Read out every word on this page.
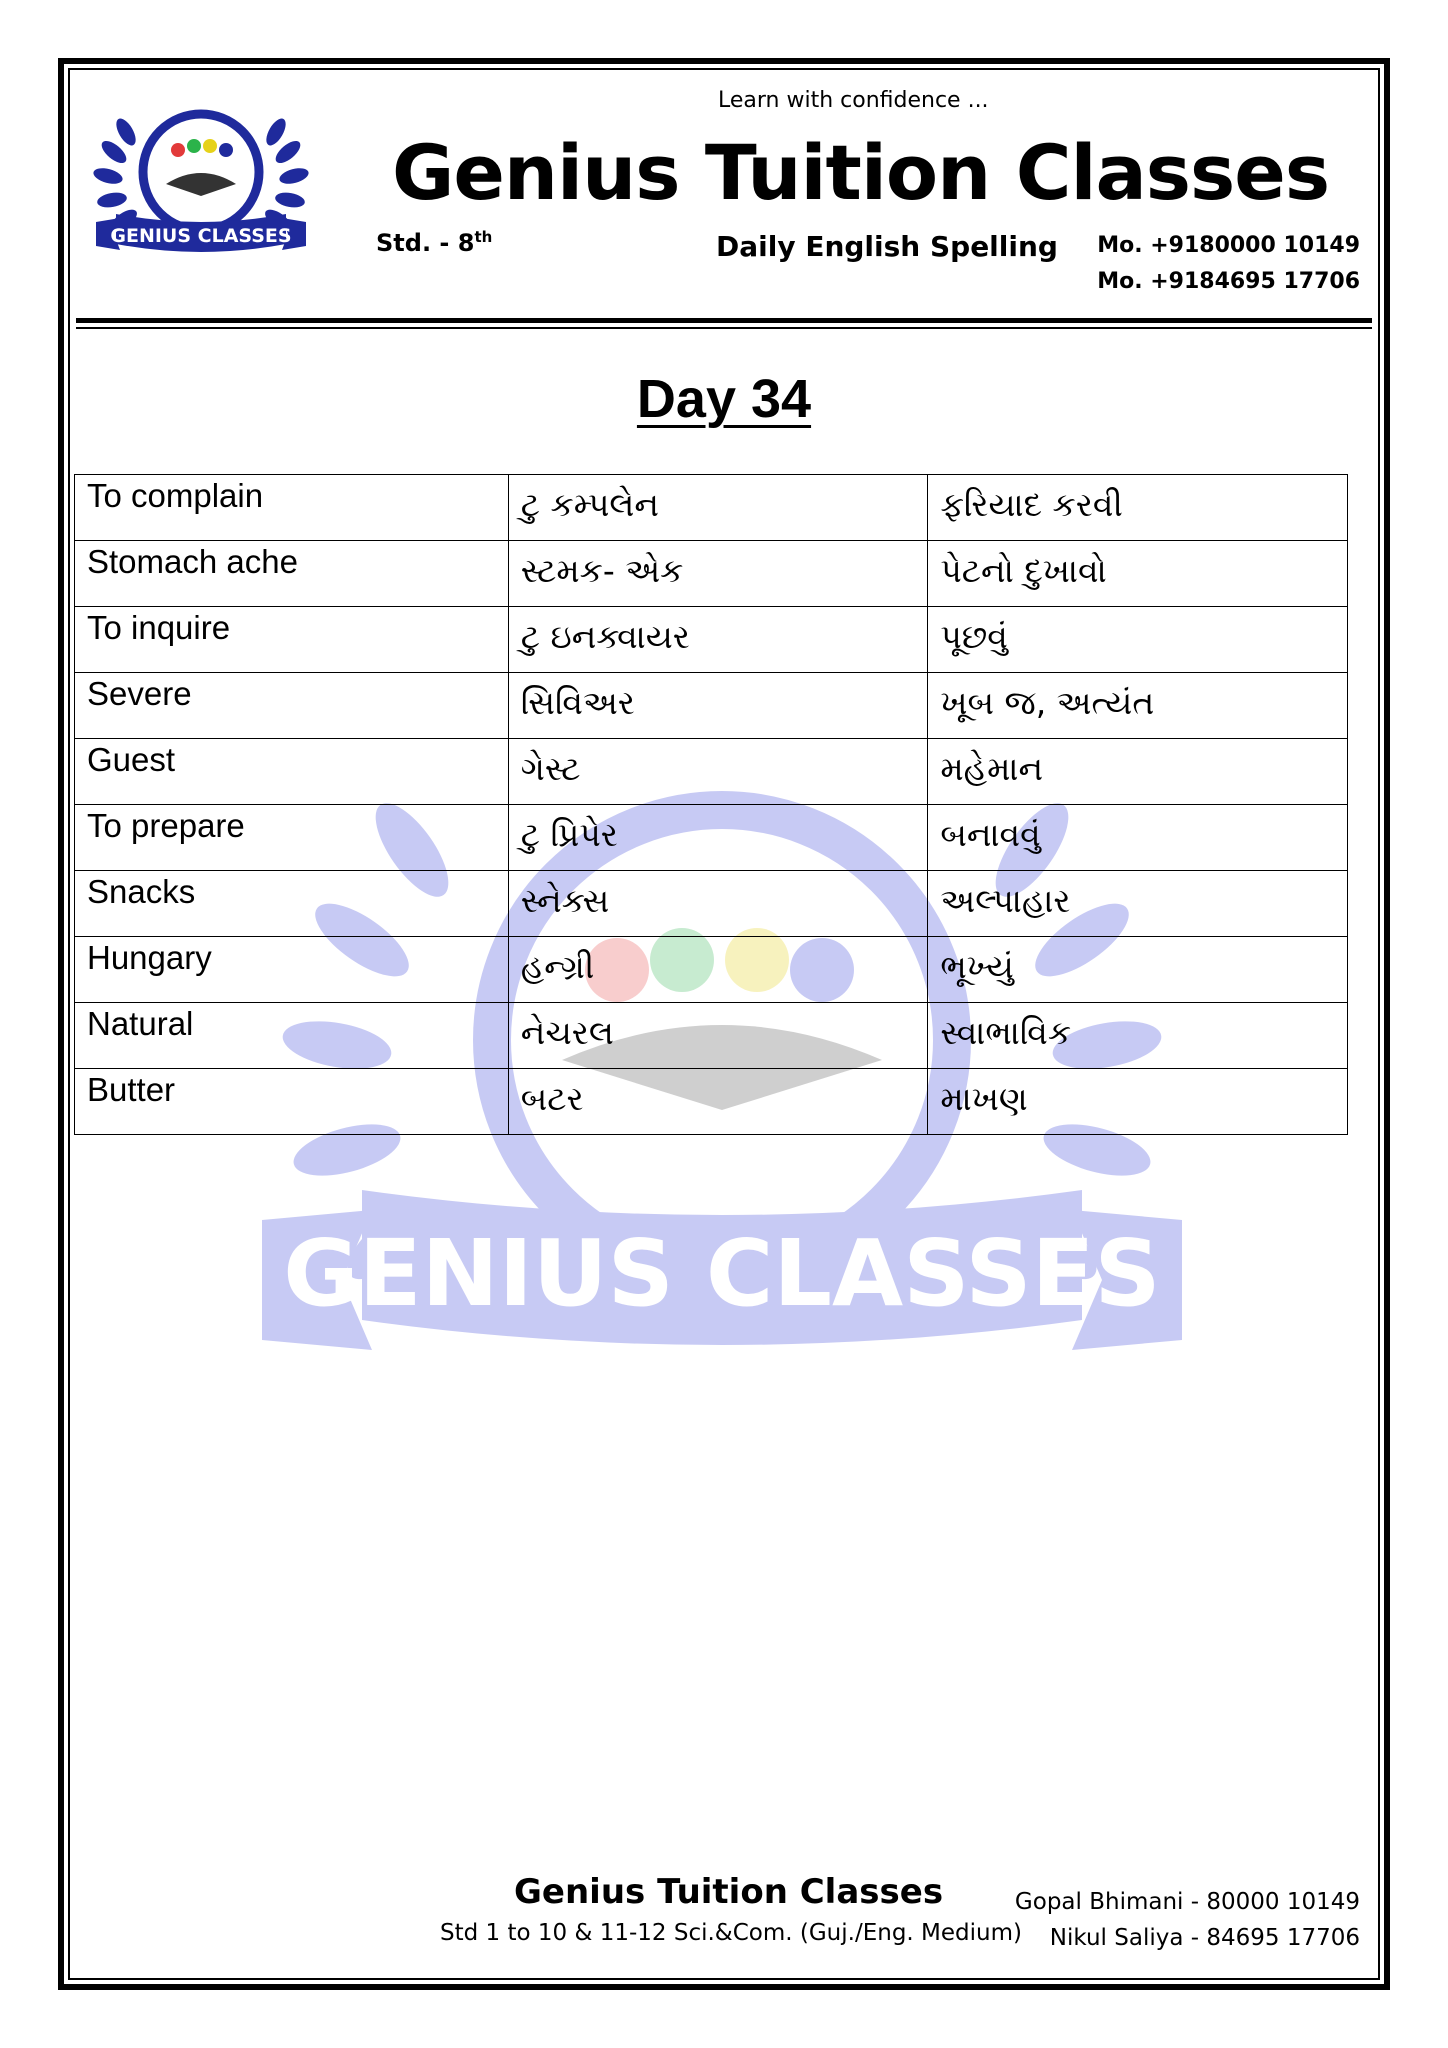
GENIUS CLASSES
Learn with confidence ...
Genius Tuition Classes
Std. - 8th	Daily English Spelling Mo. +9180000 10149
Mo. +9184695 17706
GENIUS CLASSES
Day 34
To complain	ટુ કમ્પલેન	ફરિયાદ કરવી
Stomach ache	સ્ટમક- એક	પેટનો દુખાવો
To inquire	ટુ ઇનક્વાયર	પૂછવું
Severe	સિવિઅર	ખૂબ જ, અત્યંત
Guest	ગેસ્ટ	મહેમાન
To prepare	ટુ પ્રિપેર	બનાવવું
Snacks	સ્નેક્સ	અલ્પાહાર
Hungary	હન્ગ્રી	ભૂખ્યું
Natural	નેચરલ	સ્વાભાવિક
Butter	બટર	માખણ
Genius Tuition Classes
Std 1 to 10 & 11-12 Sci.&Com. (Guj./Eng. Medium)
Gopal Bhimani - 80000 10149
Nikul Saliya - 84695 17706
